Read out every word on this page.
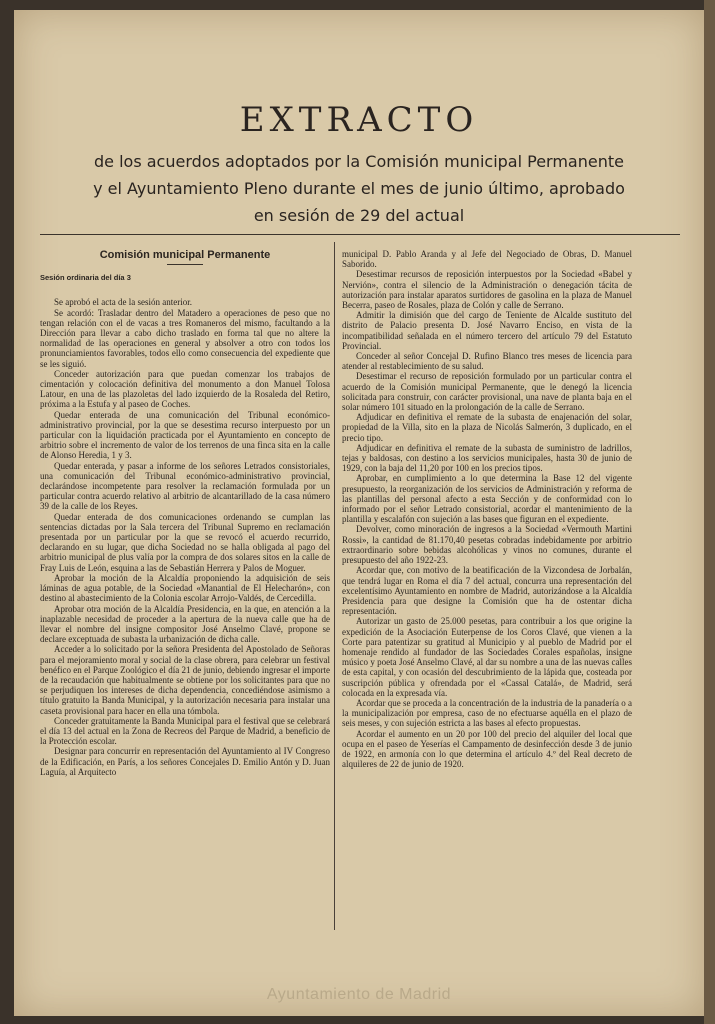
EXTRACTO
de los acuerdos adoptados por la Comisión municipal Permanente
y el Ayuntamiento Pleno durante el mes de junio último, aprobado
en sesión de 29 del actual
Comisión municipal Permanente
Sesión ordinaria del día 3

Se aprobó el acta de la sesión anterior.

Se acordó: Trasladar dentro del Matadero a operaciones de peso que no tengan relación con el de vacas a tres Romaneros del mismo, facultando a la Dirección para llevar a cabo dicho traslado en forma tal que no altere la normalidad de las operaciones en general y absolver a otro con todos los pronunciamientos favorables, todos ello como consecuencia del expediente que se les siguió.

Conceder autorización para que puedan comenzar los trabajos de cimentación y colocación definitiva del monumento a don Manuel Tolosa Latour, en una de las plazoletas del lado izquierdo de la Rosaleda del Retiro, próxima a la Estufa y al paseo de Coches.

Quedar enterada de una comunicación del Tribunal económico-administrativo provincial, por la que se desestima recurso interpuesto por un particular con la liquidación practicada por el Ayuntamiento en concepto de arbitrio sobre el incremento de valor de los terrenos de una finca sita en la calle de Alonso Heredia, 1 y 3.

Quedar enterada, y pasar a informe de los señores Letrados consistoriales, una comunicación del Tribunal económico-administrativo provincial, declarándose incompetente para resolver la reclamación formulada por un particular contra acuerdo relativo al arbitrio de alcantarillado de la casa número 39 de la calle de los Reyes.

Quedar enterada de dos comunicaciones ordenando se cumplan las sentencias dictadas por la Sala tercera del Tribunal Supremo en reclamación presentada por un particular por la que se revocó el acuerdo recurrido, declarando en su lugar, que dicha Sociedad no se halla obligada al pago del arbitrio municipal de plus valía por la compra de dos solares sitos en la calle de Fray Luis de León, esquina a las de Sebastián Herrera y Palos de Moguer.

Aprobar la moción de la Alcaldía proponiendo la adquisición de seis láminas de agua potable, de la Sociedad «Manantial de El Helecharón», con destino al abastecimiento de la Colonia escolar Arrojo-Valdés, de Cercedilla.

Aprobar otra moción de la Alcaldía Presidencia, en la que, en atención a la inaplazable necesidad de proceder a la apertura de la nueva calle que ha de llevar el nombre del insigne compositor José Anselmo Clavé, propone se declare exceptuada de subasta la urbanización de dicha calle.

Acceder a lo solicitado por la señora Presidenta del Apostolado de Señoras para el mejoramiento moral y social de la clase obrera, para celebrar un festival benéfico en el Parque Zoológico el día 21 de junio, debiendo ingresar el importe de la recaudación que habitualmente se obtiene por los solicitantes para que no se perjudiquen los intereses de dicha dependencia, concediéndose asimismo a título gratuito la Banda Municipal, y la autorización necesaria para instalar una caseta provisional para hacer en ella una tómbola.

Conceder gratuitamente la Banda Municipal para el festival que se celebrará el día 13 del actual en la Zona de Recreos del Parque de Madrid, a beneficio de la Protección escolar.

Designar para concurrir en representación del Ayuntamiento al IV Congreso de la Edificación, en París, a los señores Concejales D. Emilio Antón y D. Juan Laguía, al Arquitecto

municipal D. Pablo Aranda y al Jefe del Negociado de Obras, D. Manuel Saborido.

Desestimar recursos de reposición interpuestos por la Sociedad «Babel y Nervión», contra el silencio de la Administración o denegación tácita de autorización para instalar aparatos surtidores de gasolina en la plaza de Manuel Becerra, paseo de Rosales, plaza de Colón y calle de Serrano.

Admitir la dimisión que del cargo de Teniente de Alcalde sustituto del distrito de Palacio presenta D. José Navarro Enciso, en vista de la incompatibilidad señalada en el número tercero del artículo 79 del Estatuto Provincial.

Conceder al señor Concejal D. Rufino Blanco tres meses de licencia para atender al restablecimiento de su salud.

Desestimar el recurso de reposición formulado por un particular contra el acuerdo de la Comisión municipal Permanente, que le denegó la licencia solicitada para construir, con carácter provisional, una nave de planta baja en el solar número 101 situado en la prolongación de la calle de Serrano.

Adjudicar en definitiva el remate de la subasta de enajenación del solar, propiedad de la Villa, sito en la plaza de Nicolás Salmerón, 3 duplicado, en el precio tipo.

Adjudicar en definitiva el remate de la subasta de suministro de ladrillos, tejas y baldosas, con destino a los servicios municipales, hasta 30 de junio de 1929, con la baja del 11,20 por 100 en los precios tipos.

Aprobar, en cumplimiento a lo que determina la Base 12 del vigente presupuesto, la reorganización de los servicios de Administración y reforma de las plantillas del personal afecto a esta Sección y de conformidad con lo informado por el señor Letrado consistorial, acordar el mantenimiento de la plantilla y escalafón con sujeción a las bases que figuran en el expediente.

Devolver, como minoración de ingresos a la Sociedad «Vermouth Martini Rossi», la cantidad de 81.170,40 pesetas cobradas indebidamente por arbitrio extraordinario sobre bebidas alcohólicas y vinos no comunes, durante el presupuesto del año 1922-23.

Acordar que, con motivo de la beatificación de la Vizcondesa de Jorbalán, que tendrá lugar en Roma el día 7 del actual, concurra una representación del excelentísimo Ayuntamiento en nombre de Madrid, autorizándose a la Alcaldía Presidencia para que designe la Comisión que ha de ostentar dicha representación.

Autorizar un gasto de 25.000 pesetas, para contribuir a los que origine la expedición de la Asociación Euterpense de los Coros Clavé, que vienen a la Corte para patentizar su gratitud al Municipio y al pueblo de Madrid por el homenaje rendido al fundador de las Sociedades Corales españolas, insigne músico y poeta José Anselmo Clavé, al dar su nombre a una de las nuevas calles de esta capital, y con ocasión del descubrimiento de la lápida que, costeada por suscripción pública y ofrendada por el «Cassal Catalá», de Madrid, será colocada en la expresada vía.

Acordar que se proceda a la concentración de la industria de la panadería o a la municipalización por empresa, caso de no efectuarse aquélla en el plazo de seis meses, y con sujeción estricta a las bases al efecto propuestas.

Acordar el aumento en un 20 por 100 del precio del alquiler del local que ocupa en el paseo de Yeserías el Campamento de desinfección desde 3 de junio de 1922, en armonía con lo que determina el artículo 4.º del Real decreto de alquileres de 22 de junio de 1920.

Ayuntamiento de Madrid
